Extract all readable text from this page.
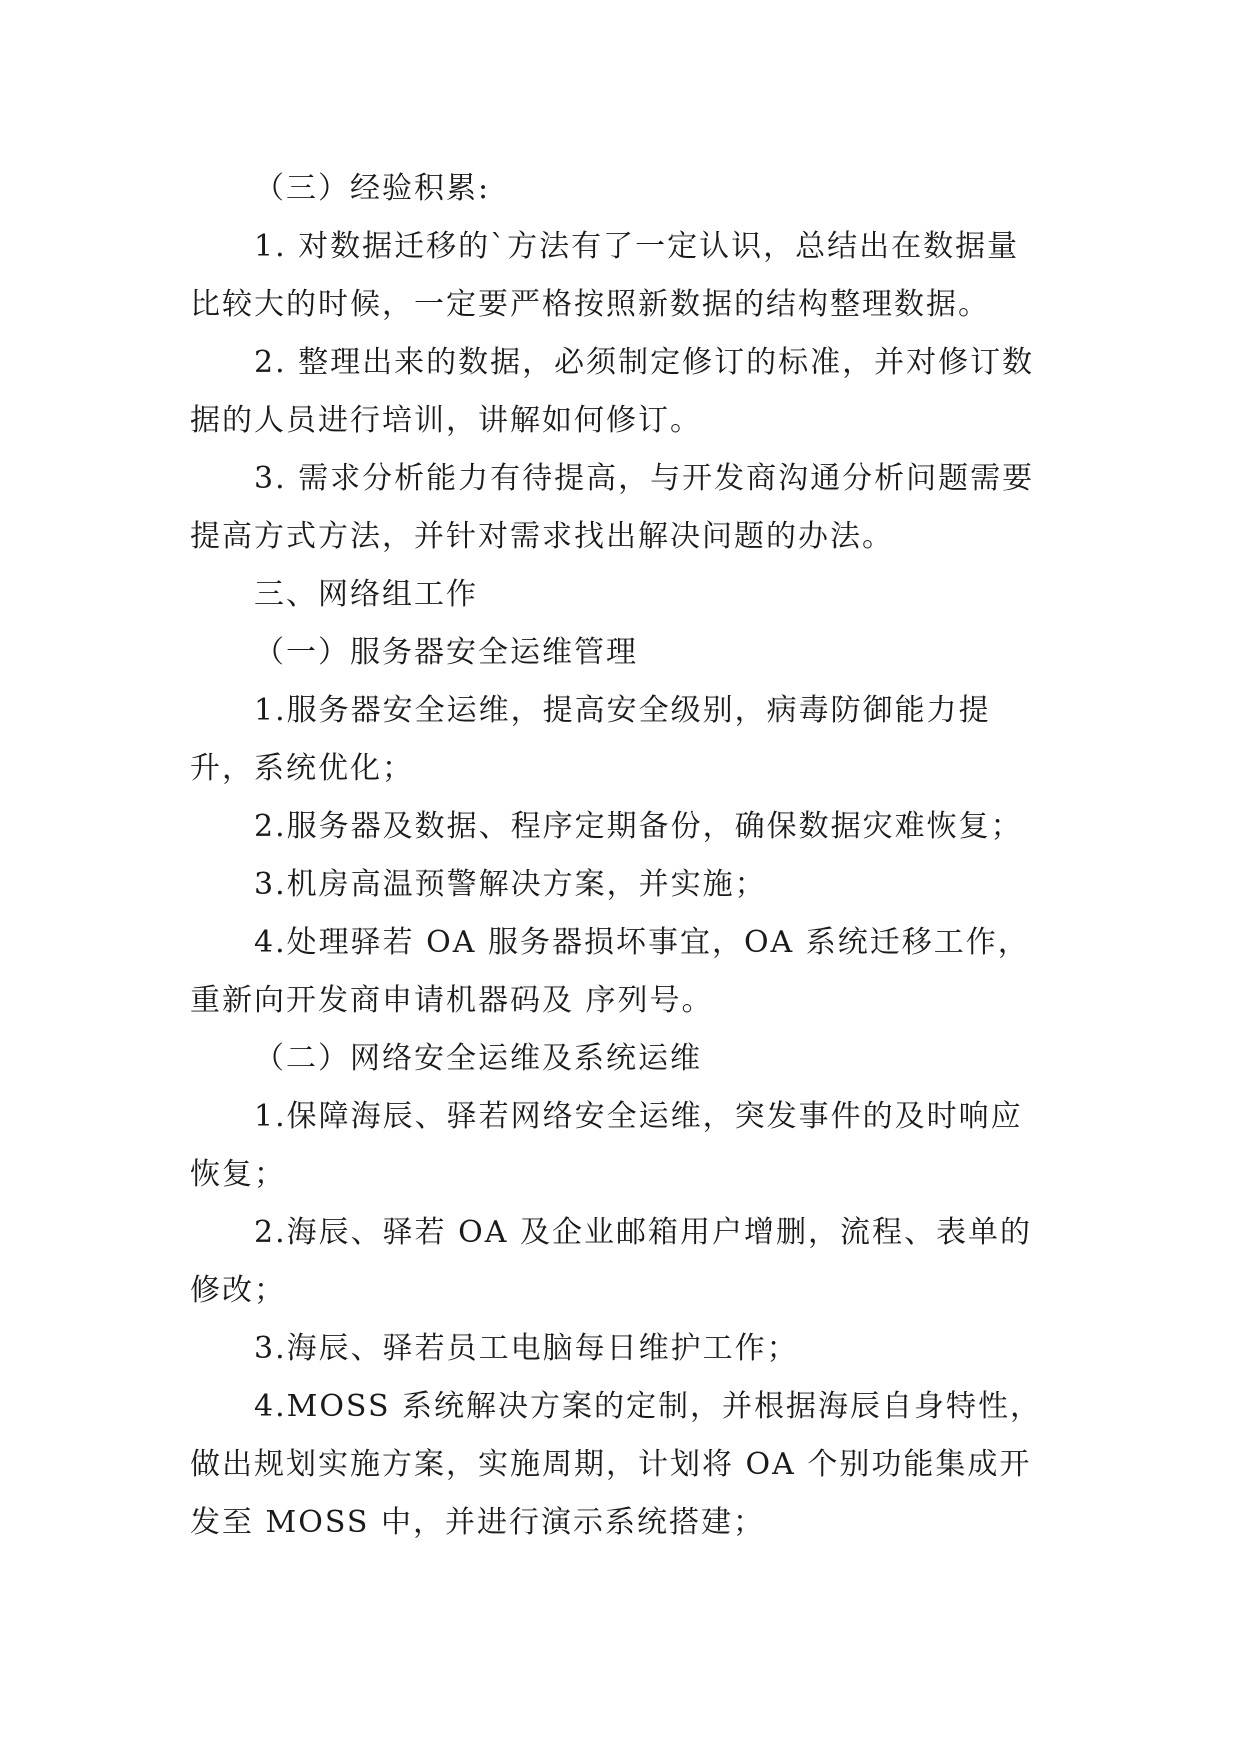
（三）经验积累:

1. 对数据迁移的`方法有了一定认识，总结出在数据量比较大的时候，一定要严格按照新数据的结构整理数据。

2. 整理出来的数据，必须制定修订的标准，并对修订数据的人员进行培训，讲解如何修订。

3. 需求分析能力有待提高，与开发商沟通分析问题需要提高方式方法，并针对需求找出解决问题的办法。

三、网络组工作

（一）服务器安全运维管理

1.服务器安全运维，提高安全级别，病毒防御能力提升，系统优化；

2.服务器及数据、程序定期备份，确保数据灾难恢复；

3.机房高温预警解决方案，并实施；

4.处理驿若 OA 服务器损坏事宜，OA 系统迁移工作，重新向开发商申请机器码及 序列号。

（二）网络安全运维及系统运维

1.保障海辰、驿若网络安全运维，突发事件的及时响应恢复；

2.海辰、驿若 OA 及企业邮箱用户增删，流程、表单的修改；

3.海辰、驿若员工电脑每日维护工作；

4.MOSS 系统解决方案的定制，并根据海辰自身特性，做出规划实施方案，实施周期，计划将 OA 个别功能集成开发至 MOSS 中，并进行演示系统搭建；
